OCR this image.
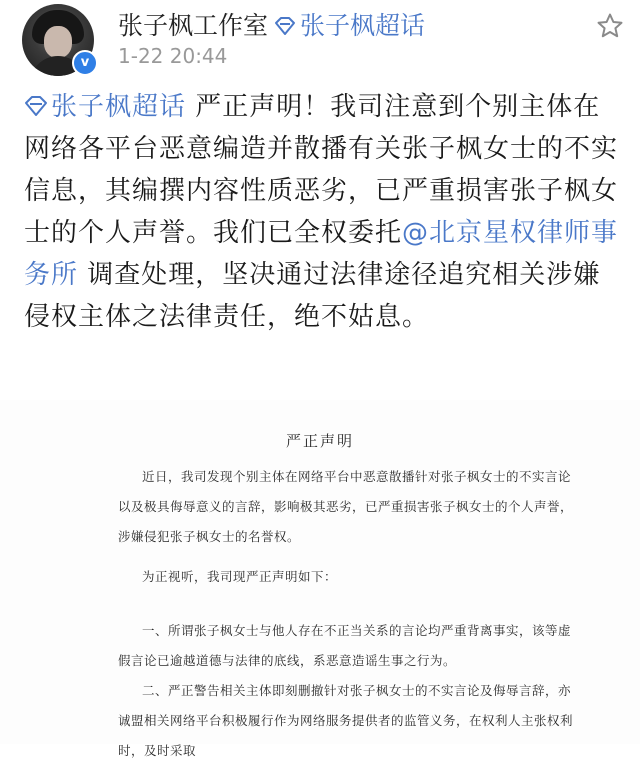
v
张子枫工作室	张子枫超话
1-22 20:44
张子枫超话 严正声明！我司注意到个别主体在网络各平台恶意编造并散播有关张子枫女士的不实信息，其编撰内容性质恶劣，已严重损害张子枫女士的个人声誉。我们已全权委托@北京星权律师事务所 调查处理，坚决通过法律途径追究相关涉嫌侵权主体之法律责任，绝不姑息。
严正声明
近日，我司发现个别主体在网络平台中恶意散播针对张子枫女士的不实言论以及极具侮辱意义的言辞，影响极其恶劣，已严重损害张子枫女士的个人声誉，涉嫌侵犯张子枫女士的名誉权。
为正视听，我司现严正声明如下：
一、所谓张子枫女士与他人存在不正当关系的言论均严重背离事实，该等虚假言论已逾越道德与法律的底线，系恶意造谣生事之行为。
二、严正警告相关主体即刻删撤针对张子枫女士的不实言论及侮辱言辞，亦诚盟相关网络平台积极履行作为网络服务提供者的监管义务，在权利人主张权利时，及时采取
